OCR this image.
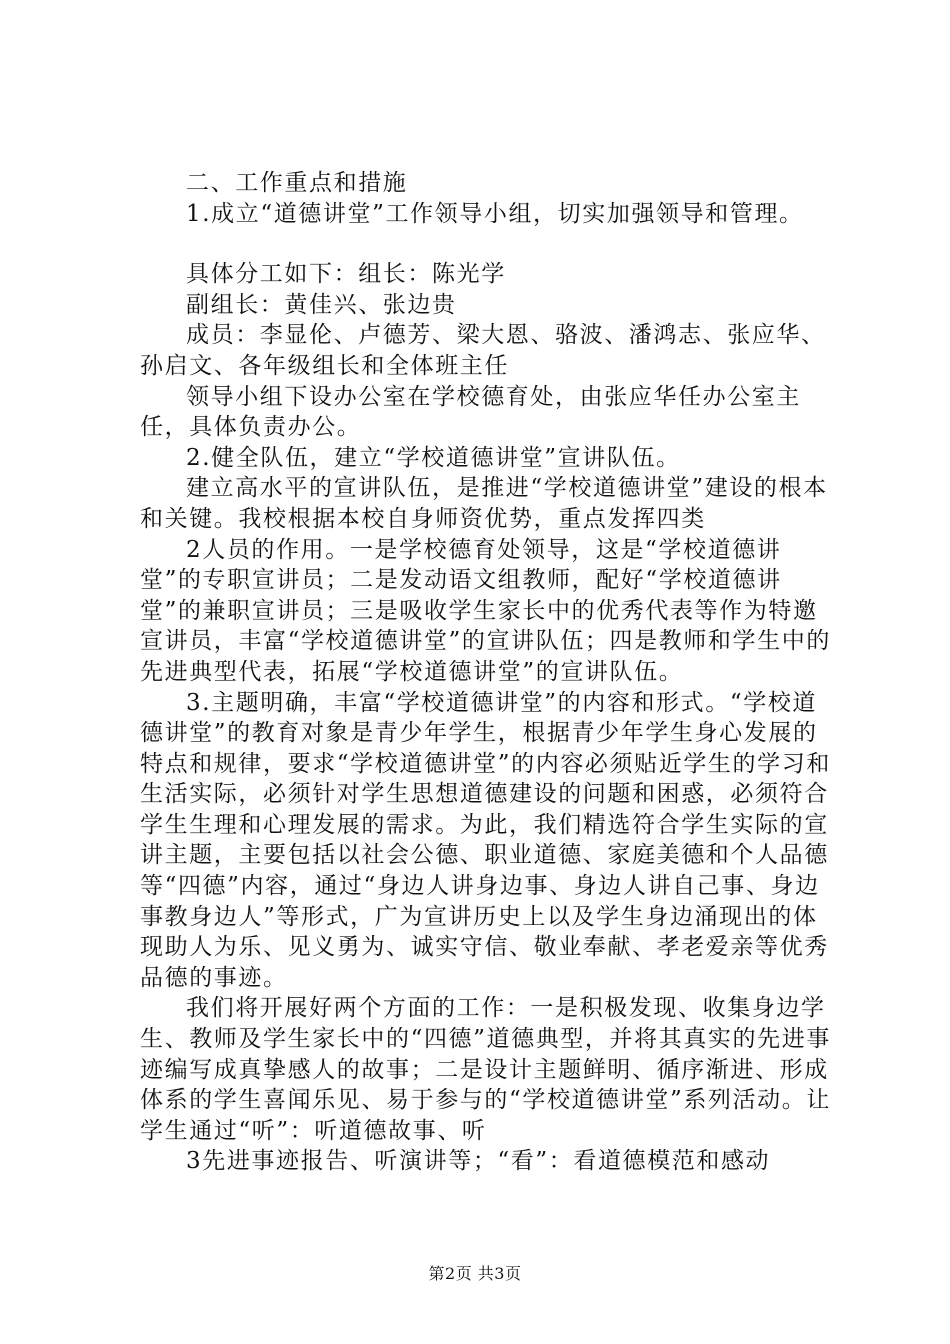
二、工作重点和措施

1.成立“道德讲堂”工作领导小组，切实加强领导和管理。

具体分工如下：组长：陈光学

副组长：黄佳兴、张边贵

成员：李显伦、卢德芳、梁大恩、骆波、潘鸿志、张应华、孙启文、各年级组长和全体班主任

领导小组下设办公室在学校德育处，由张应华任办公室主任，具体负责办公。

2.健全队伍，建立“学校道德讲堂”宣讲队伍。

建立高水平的宣讲队伍，是推进“学校道德讲堂”建设的根本和关键。我校根据本校自身师资优势，重点发挥四类

2人员的作用。一是学校德育处领导，这是“学校道德讲堂”的专职宣讲员；二是发动语文组教师，配好“学校道德讲堂”的兼职宣讲员；三是吸收学生家长中的优秀代表等作为特邀宣讲员，丰富“学校道德讲堂”的宣讲队伍；四是教师和学生中的先进典型代表，拓展“学校道德讲堂”的宣讲队伍。

3.主题明确，丰富“学校道德讲堂”的内容和形式。“学校道德讲堂”的教育对象是青少年学生，根据青少年学生身心发展的特点和规律，要求“学校道德讲堂”的内容必须贴近学生的学习和生活实际，必须针对学生思想道德建设的问题和困惑，必须符合学生生理和心理发展的需求。为此，我们精选符合学生实际的宣讲主题，主要包括以社会公德、职业道德、家庭美德和个人品德等“四德”内容，通过“身边人讲身边事、身边人讲自己事、身边事教身边人”等形式，广为宣讲历史上以及学生身边涌现出的体现助人为乐、见义勇为、诚实守信、敬业奉献、孝老爱亲等优秀品德的事迹。

我们将开展好两个方面的工作：一是积极发现、收集身边学生、教师及学生家长中的“四德”道德典型，并将其真实的先进事迹编写成真挚感人的故事；二是设计主题鲜明、循序渐进、形成体系的学生喜闻乐见、易于参与的“学校道德讲堂”系列活动。让学生通过“听”：听道德故事、听

3先进事迹报告、听演讲等；“看”：看道德模范和感动

第2页 共3页
